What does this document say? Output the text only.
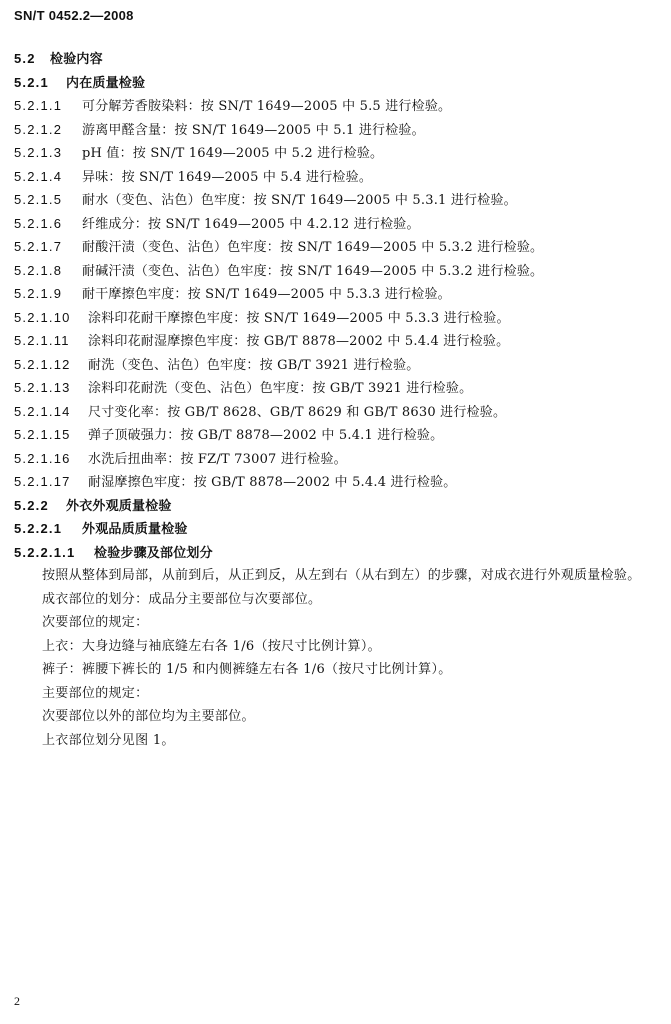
SN/T 0452.2—2008
5.2 检验内容
5.2.1 内在质量检验
5.2.1.1 可分解芳香胺染料：按 SN/T 1649—2005 中 5.5 进行检验。
5.2.1.2 游离甲醛含量：按 SN/T 1649—2005 中 5.1 进行检验。
5.2.1.3 pH 值：按 SN/T 1649—2005 中 5.2 进行检验。
5.2.1.4 异味：按 SN/T 1649—2005 中 5.4 进行检验。
5.2.1.5 耐水（变色、沾色）色牢度：按 SN/T 1649—2005 中 5.3.1 进行检验。
5.2.1.6 纤维成分：按 SN/T 1649—2005 中 4.2.12 进行检验。
5.2.1.7 耐酸汗渍（变色、沾色）色牢度：按 SN/T 1649—2005 中 5.3.2 进行检验。
5.2.1.8 耐碱汗渍（变色、沾色）色牢度：按 SN/T 1649—2005 中 5.3.2 进行检验。
5.2.1.9 耐干摩擦色牢度：按 SN/T 1649—2005 中 5.3.3 进行检验。
5.2.1.10 涂料印花耐干摩擦色牢度：按 SN/T 1649—2005 中 5.3.3 进行检验。
5.2.1.11 涂料印花耐湿摩擦色牢度：按 GB/T 8878—2002 中 5.4.4 进行检验。
5.2.1.12 耐洗（变色、沾色）色牢度：按 GB/T 3921 进行检验。
5.2.1.13 涂料印花耐洗（变色、沾色）色牢度：按 GB/T 3921 进行检验。
5.2.1.14 尺寸变化率：按 GB/T 8628、GB/T 8629 和 GB/T 8630 进行检验。
5.2.1.15 弹子顶破强力：按 GB/T 8878—2002 中 5.4.1 进行检验。
5.2.1.16 水洗后扭曲率：按 FZ/T 73007 进行检验。
5.2.1.17 耐湿摩擦色牢度：按 GB/T 8878—2002 中 5.4.4 进行检验。
5.2.2 外衣外观质量检验
5.2.2.1 外观品质质量检验
5.2.2.1.1 检验步骤及部位划分
按照从整体到局部，从前到后，从正到反，从左到右（从右到左）的步骤，对成衣进行外观质量检验。
成衣部位的划分：成品分主要部位与次要部位。
次要部位的规定：
上衣：大身边缝与袖底缝左右各 1/6（按尺寸比例计算）。
裤子：裤腰下裤长的 1/5 和内侧裤缝左右各 1/6（按尺寸比例计算）。
主要部位的规定：
次要部位以外的部位均为主要部位。
上衣部位划分见图 1。
2
